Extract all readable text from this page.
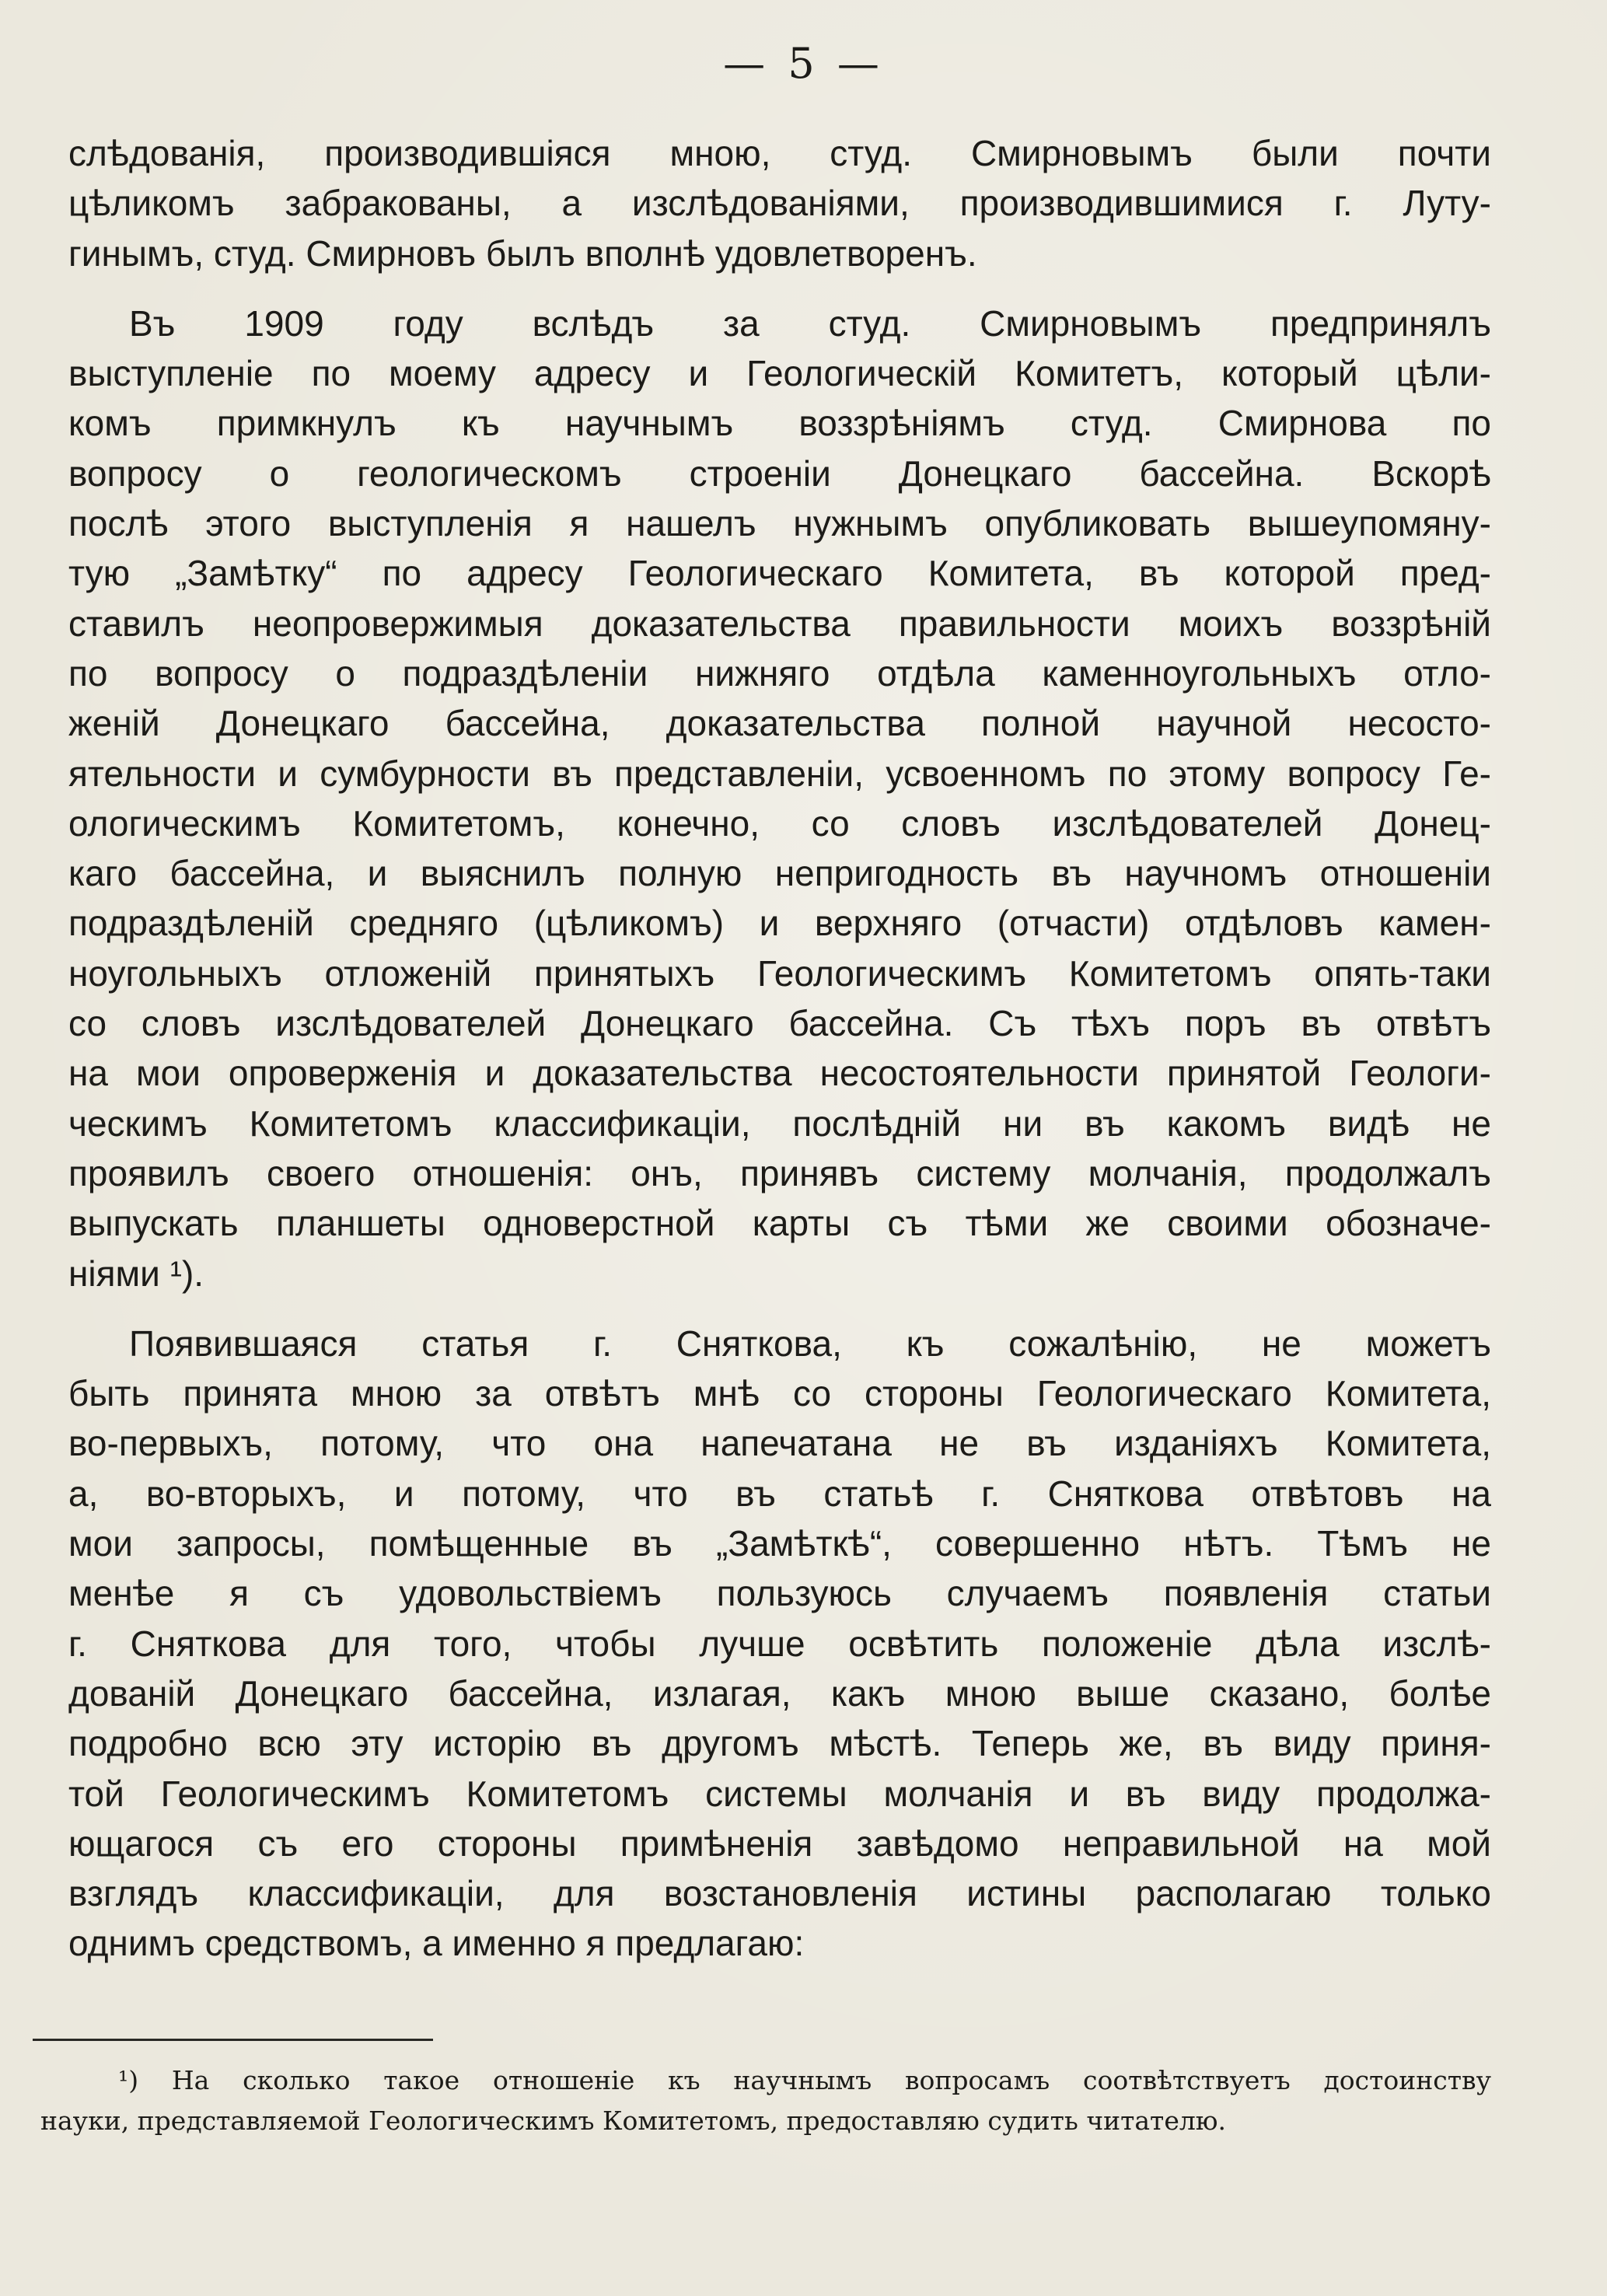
— 5 —
слѣдованія, производившіяся мною, студ. Смирновымъ были почти
цѣликомъ забракованы, а изслѣдованіями, производившимися г. Луту-
гинымъ, студ. Смирновъ былъ вполнѣ удовлетворенъ.
Въ 1909 году вслѣдъ за студ. Смирновымъ предпринялъ
выступленіе по моему адресу и Геологическій Комитетъ, который цѣли-
комъ примкнулъ къ научнымъ воззрѣніямъ студ. Смирнова по
вопросу о геологическомъ строеніи Донецкаго бассейна. Вскорѣ
послѣ этого выступленія я нашелъ нужнымъ опубликовать вышеупомяну-
тую „Замѣтку“ по адресу Геологическаго Комитета, въ которой пред-
ставилъ неопровержимыя доказательства правильности моихъ воззрѣній
по вопросу о подраздѣленіи нижняго отдѣла каменноугольныхъ отло-
женій Донецкаго бассейна, доказательства полной научной несосто-
ятельности и сумбурности въ представленіи, усвоенномъ по этому вопросу Ге-
ологическимъ Комитетомъ, конечно, со словъ изслѣдователей Донец-
каго бассейна, и выяснилъ полную непригодность въ научномъ отношеніи
подраздѣленій средняго (цѣликомъ) и верхняго (отчасти) отдѣловъ камен-
ноугольныхъ отложеній принятыхъ Геологическимъ Комитетомъ опять-таки
со словъ изслѣдователей Донецкаго бассейна. Съ тѣхъ поръ въ отвѣтъ
на мои опроверженія и доказательства несостоятельности принятой Геологи-
ческимъ Комитетомъ классификаціи, послѣдній ни въ какомъ видѣ не
проявилъ своего отношенія: онъ, принявъ систему молчанія, продолжалъ
выпускать планшеты одноверстной карты съ тѣми же своими обозначе-
ніями ¹).
Появившаяся статья г. Сняткова, къ сожалѣнію, не можетъ
быть принята мною за отвѣтъ мнѣ со стороны Геологическаго Комитета,
во-первыхъ, потому, что она напечатана не въ изданіяхъ Комитета,
а, во-вторыхъ, и потому, что въ статьѣ г. Сняткова отвѣтовъ на
мои запросы, помѣщенные въ „Замѣткѣ“, совершенно нѣтъ. Тѣмъ не
менѣе я съ удовольствіемъ пользуюсь случаемъ появленія статьи
г. Сняткова для того, чтобы лучше освѣтить положеніе дѣла изслѣ-
дованій Донецкаго бассейна, излагая, какъ мною выше сказано, болѣе
подробно всю эту исторію въ другомъ мѣстѣ. Теперь же, въ виду приня-
той Геологическимъ Комитетомъ системы молчанія и въ виду продолжа-
ющагося съ его стороны примѣненія завѣдомо неправильной на мой
взглядъ классификаціи, для возстановленія истины располагаю только
однимъ средствомъ, а именно я предлагаю:
¹) На сколько такое отношеніе къ научнымъ вопросамъ соотвѣтствуетъ достоинству
науки, представляемой Геологическимъ Комитетомъ, предоставляю судить читателю.
